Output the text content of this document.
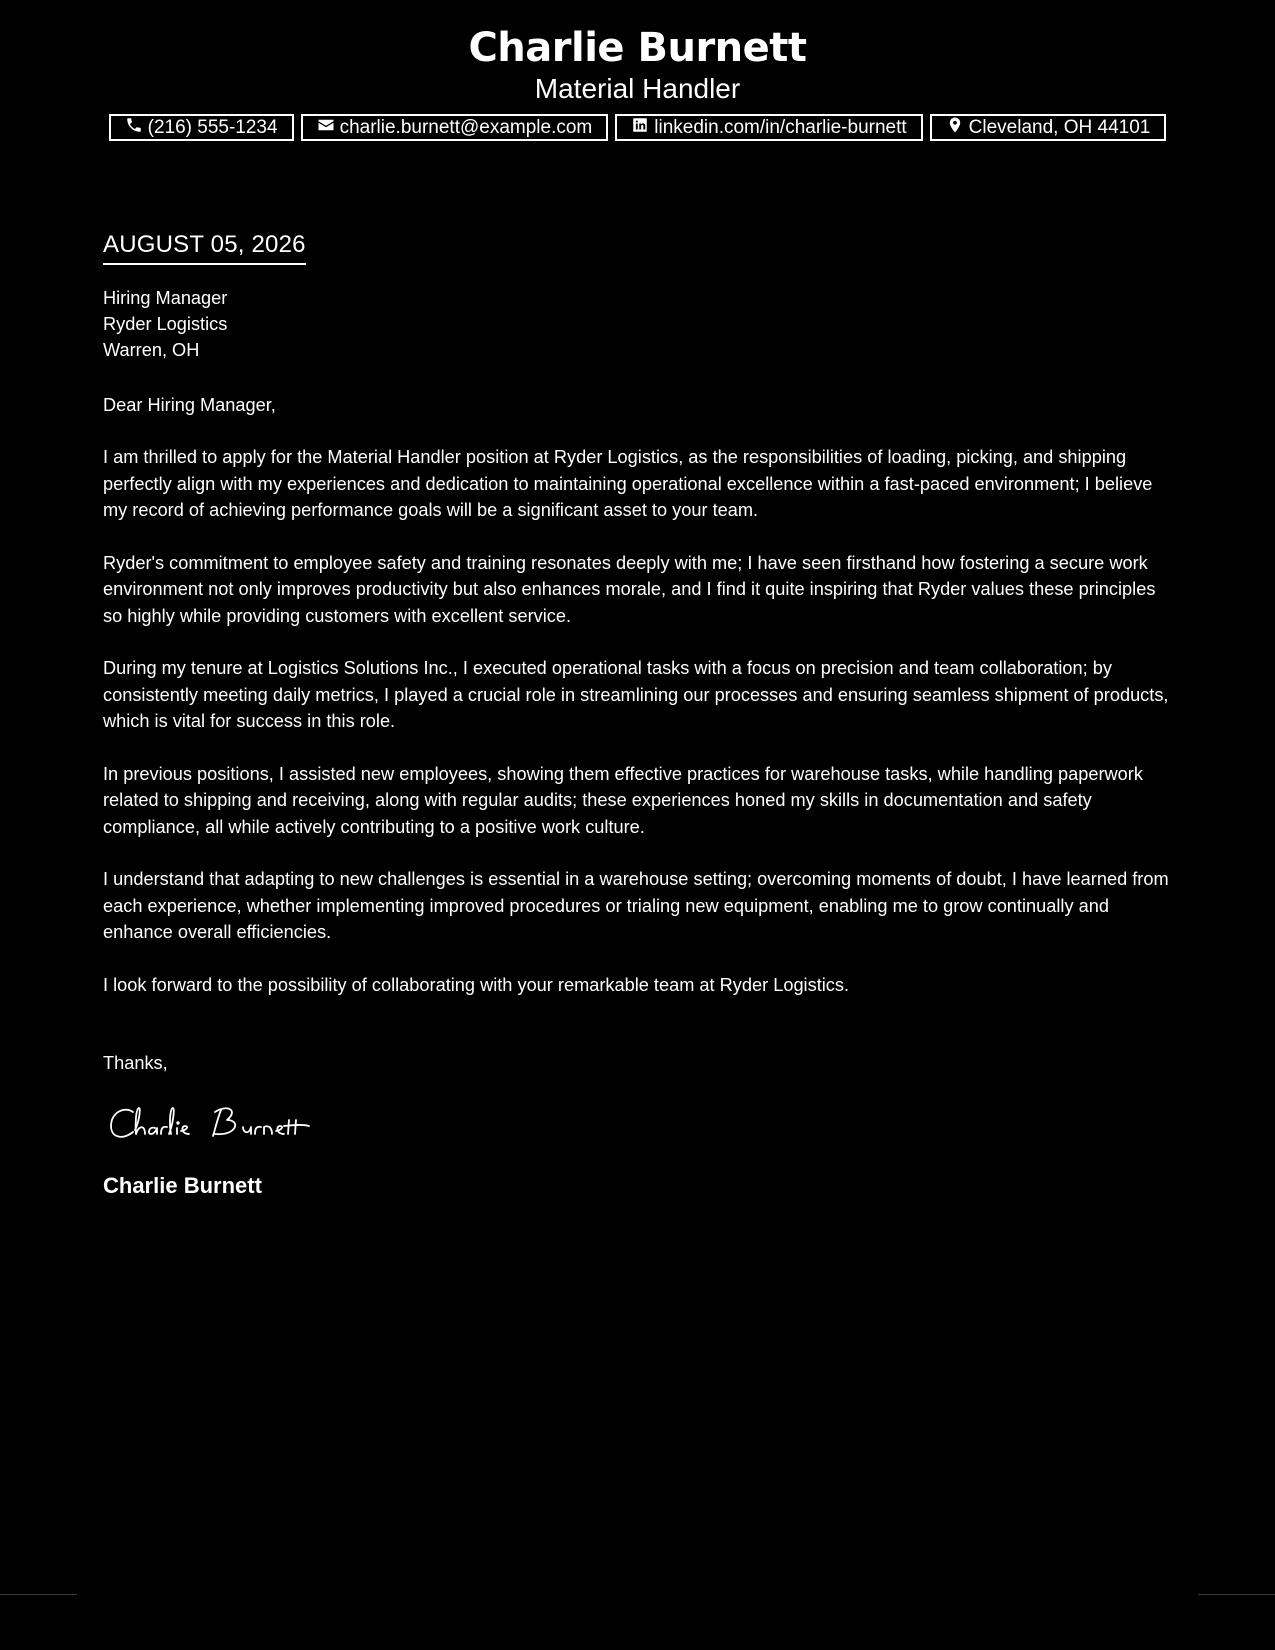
Charlie Burnett
Material Handler
(216) 555-1234	charlie.burnett@example.com	linkedin.com/in/charlie-burnett	Cleveland, OH 44101
AUGUST 05, 2026
Hiring Manager
Ryder Logistics
Warren, OH
Dear Hiring Manager,
I am thrilled to apply for the Material Handler position at Ryder Logistics, as the responsibilities of loading, picking, and shipping perfectly align with my experiences and dedication to maintaining operational excellence within a fast-paced environment; I believe my record of achieving performance goals will be a significant asset to your team.
Ryder's commitment to employee safety and training resonates deeply with me; I have seen firsthand how fostering a secure work environment not only improves productivity but also enhances morale, and I find it quite inspiring that Ryder values these principles so highly while providing customers with excellent service.
During my tenure at Logistics Solutions Inc., I executed operational tasks with a focus on precision and team collaboration; by consistently meeting daily metrics, I played a crucial role in streamlining our processes and ensuring seamless shipment of products, which is vital for success in this role.
In previous positions, I assisted new employees, showing them effective practices for warehouse tasks, while handling paperwork related to shipping and receiving, along with regular audits; these experiences honed my skills in documentation and safety compliance, all while actively contributing to a positive work culture.
I understand that adapting to new challenges is essential in a warehouse setting; overcoming moments of doubt, I have learned from each experience, whether implementing improved procedures or trialing new equipment, enabling me to grow continually and enhance overall efficiencies.
I look forward to the possibility of collaborating with your remarkable team at Ryder Logistics.
Thanks,
Charlie Burnett
